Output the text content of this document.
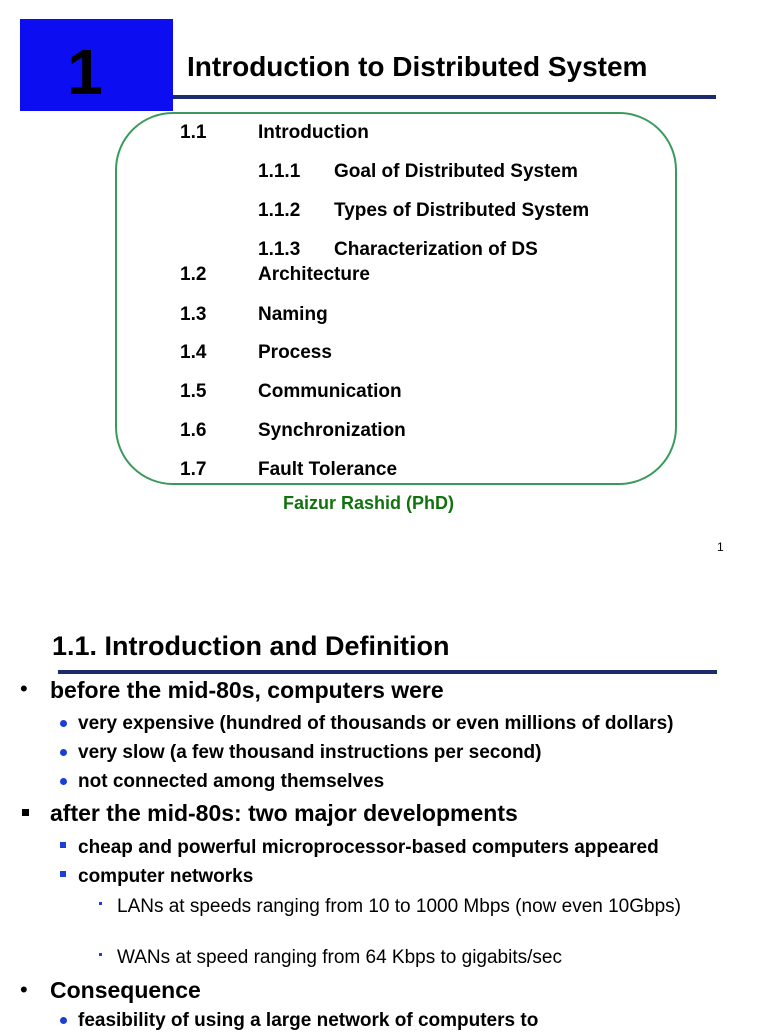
1	Introduction to Distributed System
1.1	Introduction
1.1.1 Goal of Distributed System
1.1.2 Types of Distributed System
1.1.3 Characterization of DS
1.2	Architecture
1.3	Naming
1.4	Process
1.5	Communication
1.6	Synchronization
1.7	Fault Tolerance
Faizur Rashid (PhD)
1
1.1. Introduction and Definition
• before the mid-80s, computers were
very expensive (hundred of thousands or even millions of dollars)
very slow (a few thousand instructions per second)
not connected among themselves
after the mid-80s: two major developments
cheap and powerful microprocessor-based computers appeared
computer networks
LANs at speeds ranging from 10 to 1000 Mbps (now even 10Gbps)
WANs at speed ranging from 64 Kbps to gigabits/sec
• Consequence
feasibility of using a large network of computers to
